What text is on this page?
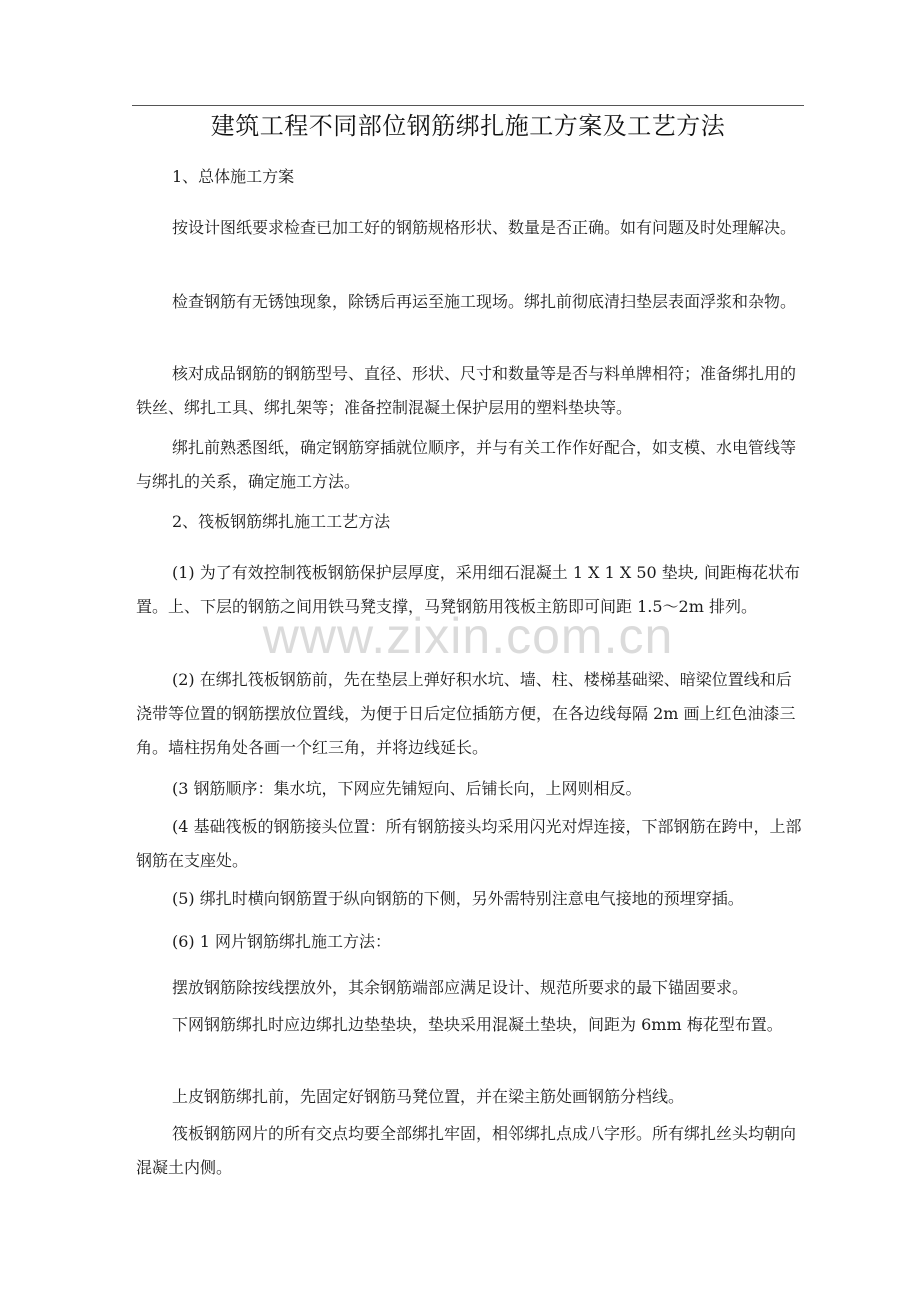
建筑工程不同部位钢筋绑扎施工方案及工艺方法

1、总体施工方案

按设计图纸要求检查已加工好的钢筋规格形状、数量是否正确。如有问题及时处理解决。

检查钢筋有无锈蚀现象，除锈后再运至施工现场。绑扎前彻底清扫垫层表面浮浆和杂物。

核对成品钢筋的钢筋型号、直径、形状、尺寸和数量等是否与料单牌相符；准备绑扎用的铁丝、绑扎工具、绑扎架等；准备控制混凝土保护层用的塑料垫块等。

绑扎前熟悉图纸，确定钢筋穿插就位顺序，并与有关工作作好配合，如支模、水电管线等与绑扎的关系，确定施工方法。

2、筏板钢筋绑扎施工工艺方法

(1) 为了有效控制筏板钢筋保护层厚度，采用细石混凝土 1 X 1 X 50 垫块, 间距梅花状布置。上、下层的钢筋之间用铁马凳支撑，马凳钢筋用筏板主筋即可间距 1.5～2m 排列。

(2) 在绑扎筏板钢筋前，先在垫层上弹好积水坑、墙、柱、楼梯基础梁、暗梁位置线和后浇带等位置的钢筋摆放位置线，为便于日后定位插筋方便，在各边线每隔 2m 画上红色油漆三角。墙柱拐角处各画一个红三角，并将边线延长。

(3 钢筋顺序：集水坑，下网应先铺短向、后铺长向，上网则相反。

(4 基础筏板的钢筋接头位置：所有钢筋接头均采用闪光对焊连接，下部钢筋在跨中，上部钢筋在支座处。

(5) 绑扎时横向钢筋置于纵向钢筋的下侧，另外需特别注意电气接地的预埋穿插。

(6) 1 网片钢筋绑扎施工方法：

摆放钢筋除按线摆放外，其余钢筋端部应满足设计、规范所要求的最下锚固要求。

下网钢筋绑扎时应边绑扎边垫垫块，垫块采用混凝土垫块，间距为 6mm 梅花型布置。

上皮钢筋绑扎前，先固定好钢筋马凳位置，并在梁主筋处画钢筋分档线。

筏板钢筋网片的所有交点均要全部绑扎牢固，相邻绑扎点成八字形。所有绑扎丝头均朝向混凝土内侧。

www.zixin.com.cn
